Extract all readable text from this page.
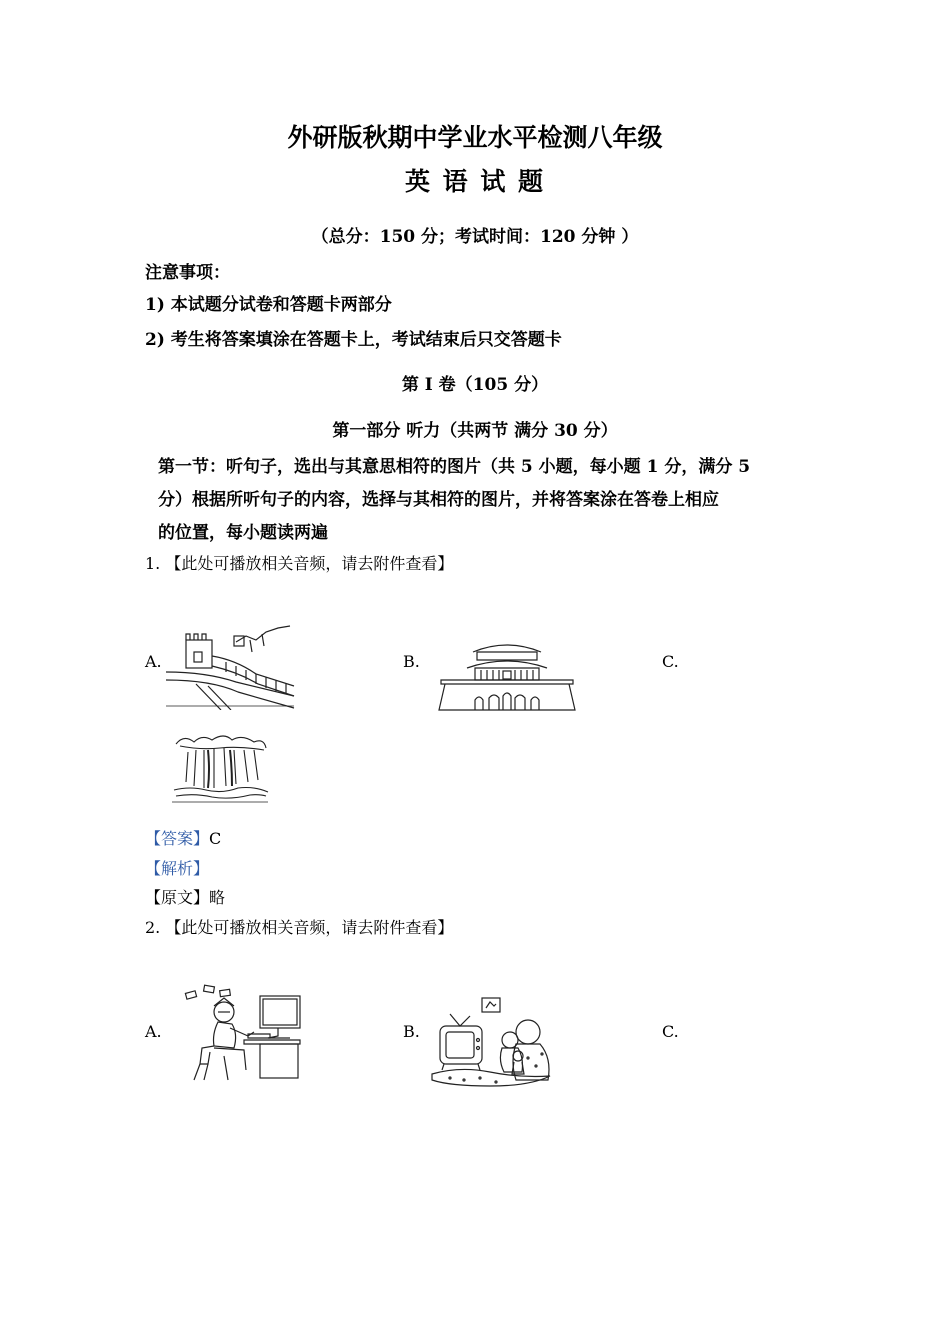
外研版秋期中学业水平检测八年级
英 语 试 题
（总分：150 分；考试时间：120 分钟 ）
注意事项：
1) 本试题分试卷和答题卡两部分
2) 考生将答案填涂在答题卡上，考试结束后只交答题卡
第 I 卷（105 分）
第一部分 听力（共两节 满分 30 分）
第一节：听句子，选出与其意思相符的图片（共 5 小题，每小题 1 分，满分 5
分）根据所听句子的内容，选择与其相符的图片，并将答案涂在答卷上相应
的位置，每小题读两遍
1. 【此处可播放相关音频，请去附件查看】
A.	B.	C.
【答案】C
【解析】
【原文】略
2. 【此处可播放相关音频，请去附件查看】
A.	B.	C.
